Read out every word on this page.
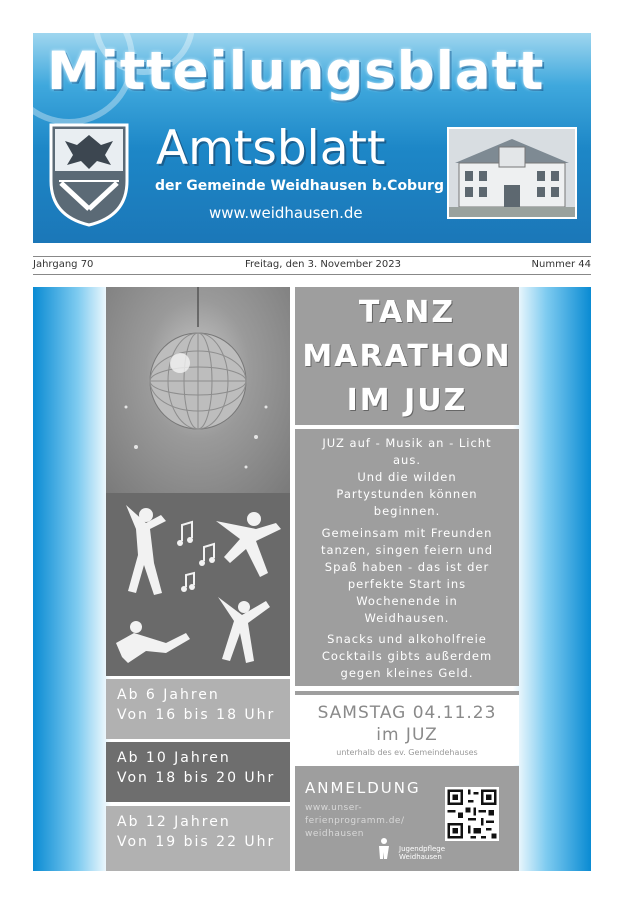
Mitteilungsblatt
Amtsblatt
der Gemeinde Weidhausen b.Coburg
www.weidhausen.de
Jahrgang 70	Freitag, den 3. November 2023	Nummer 44
Ab 6 Jahren
Von 16 bis 18 Uhr
Ab 10 Jahren
Von 18 bis 20 Uhr
Ab 12 Jahren
Von 19 bis 22 Uhr
TANZ
MARATHON
IM JUZ

JUZ auf - Musik an - Licht
aus.
Und die wilden
Partystunden können
beginnen.

Gemeinsam mit Freunden
tanzen, singen feiern und
Spaß haben - das ist der
perfekte Start ins
Wochenende in
Weidhausen.

Snacks und alkoholfreie
Cocktails gibts außerdem
gegen kleines Geld.

SAMSTAG 04.11.23
im JUZ
unterhalb des ev. Gemeindehauses
ANMELDUNG
www.unser-
ferienprogramm.de/
weidhausen
Jugendpflege
Weidhausen
